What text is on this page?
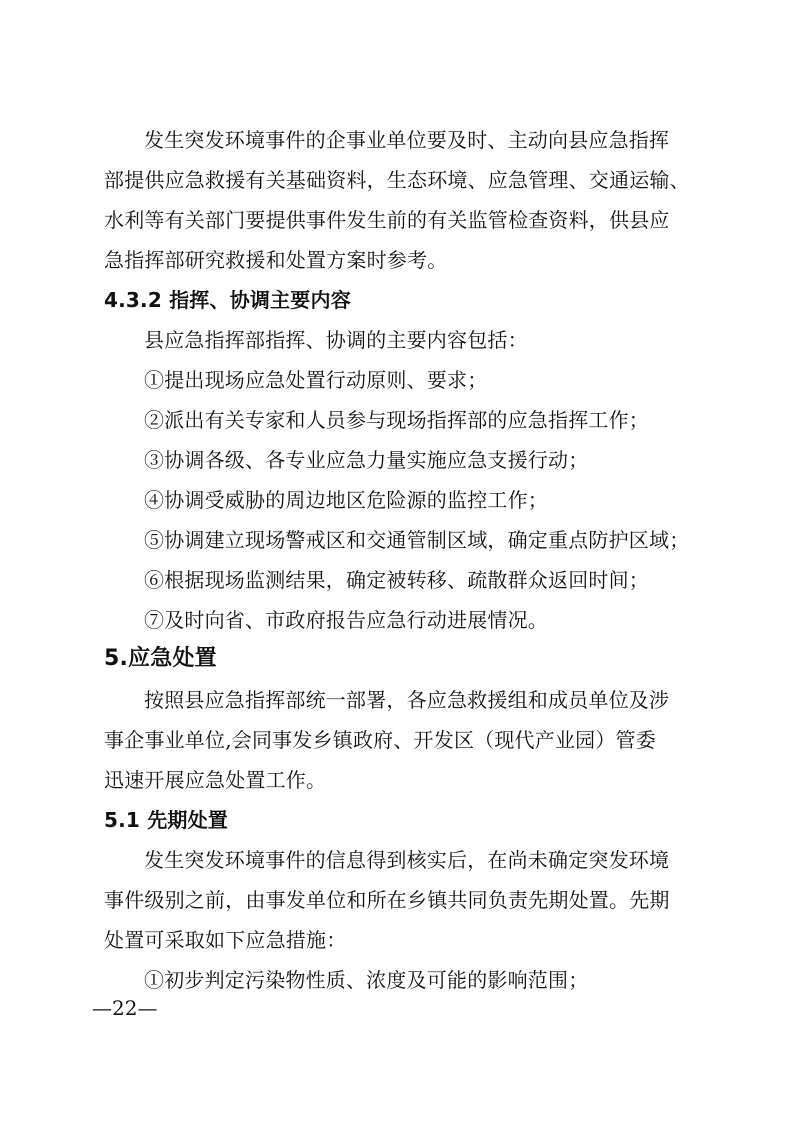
发生突发环境事件的企事业单位要及时、主动向县应急指挥
部提供应急救援有关基础资料，生态环境、应急管理、交通运输、
水利等有关部门要提供事件发生前的有关监管检查资料，供县应
急指挥部研究救援和处置方案时参考。
4.3.2 指挥、协调主要内容
县应急指挥部指挥、协调的主要内容包括：
①提出现场应急处置行动原则、要求；
②派出有关专家和人员参与现场指挥部的应急指挥工作；
③协调各级、各专业应急力量实施应急支援行动；
④协调受威胁的周边地区危险源的监控工作；
⑤协调建立现场警戒区和交通管制区域，确定重点防护区域；
⑥根据现场监测结果，确定被转移、疏散群众返回时间；
⑦及时向省、市政府报告应急行动进展情况。
5.应急处置
按照县应急指挥部统一部署，各应急救援组和成员单位及涉
事企事业单位,会同事发乡镇政府、开发区（现代产业园）管委
迅速开展应急处置工作。
5.1 先期处置
发生突发环境事件的信息得到核实后，在尚未确定突发环境
事件级别之前，由事发单位和所在乡镇共同负责先期处置。先期
处置可采取如下应急措施：
①初步判定污染物性质、浓度及可能的影响范围；
—22—
